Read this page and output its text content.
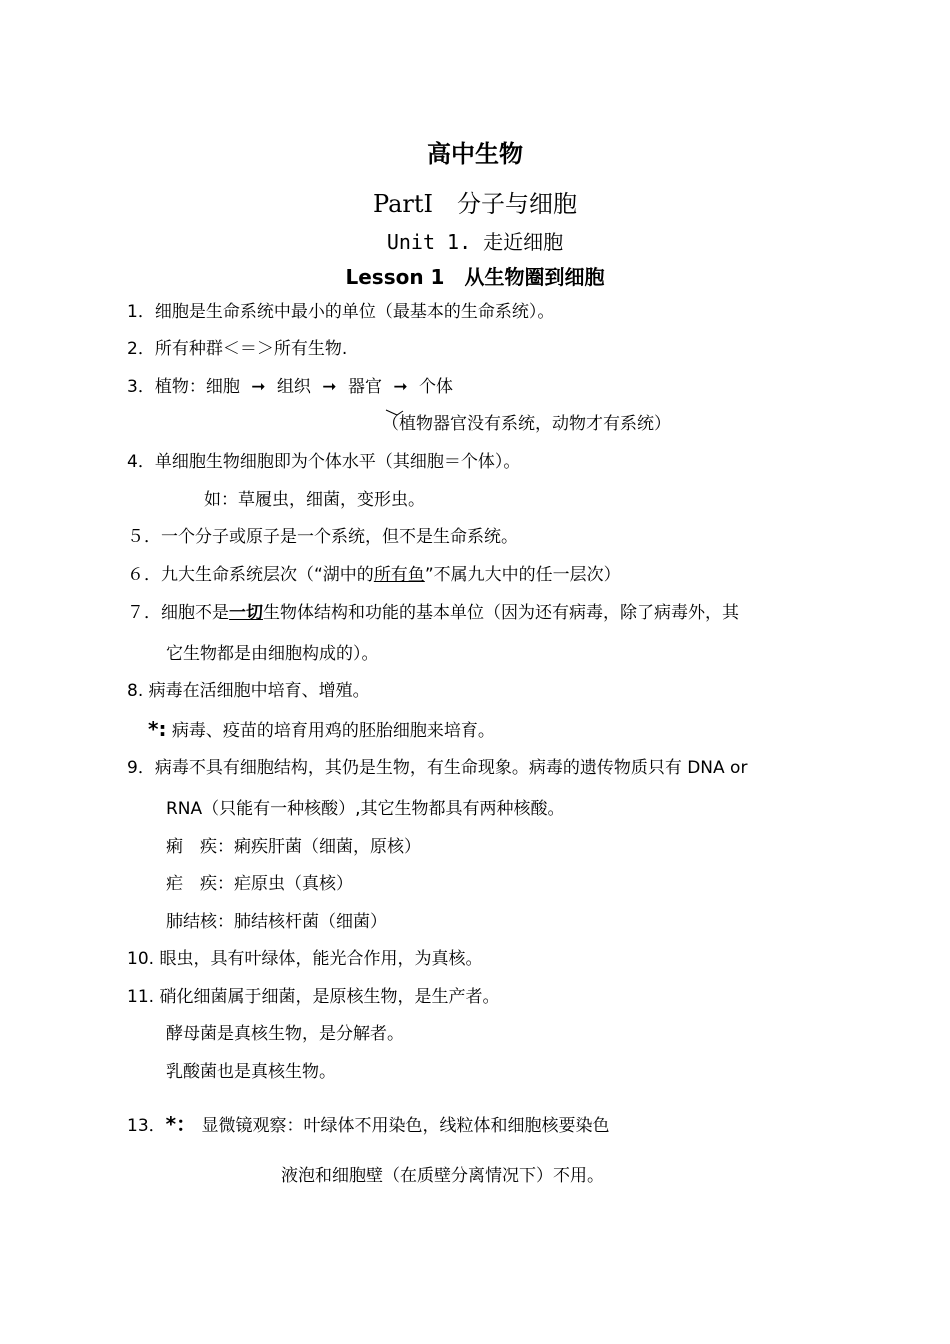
高中生物
PartⅠ　分子与细胞
Unit 1. 走近细胞
Lesson 1　从生物圈到细胞
1．细胞是生命系统中最小的单位（最基本的生命系统）。
2．所有种群＜＝＞所有生物.
3．植物：细胞 ➞ 组织 ➞ 器官 ➞ 个体
（植物器官没有系统，动物才有系统）
4．单细胞生物细胞即为个体水平（其细胞＝个体）。
如：草履虫，细菌，变形虫。
５．一个分子或原子是一个系统，但不是生命系统。
６．九大生命系统层次（“湖中的所有鱼”不属九大中的任一层次）
７．细胞不是一切生物体结构和功能的基本单位（因为还有病毒，除了病毒外，其
它生物都是由细胞构成的）。
8. 病毒在活细胞中培育、增殖。
*: 病毒、疫苗的培育用鸡的胚胎细胞来培育。
9．病毒不具有细胞结构，其仍是生物，有生命现象。病毒的遗传物质只有 DNA or
RNA（只能有一种核酸）,其它生物都具有两种核酸。
痢　疾：痢疾肝菌（细菌，原核）
疟　疾：疟原虫（真核）
肺结核：肺结核杆菌（细菌）
10. 眼虫，具有叶绿体，能光合作用，为真核。
11. 硝化细菌属于细菌，是原核生物，是生产者。
酵母菌是真核生物，是分解者。
乳酸菌也是真核生物。
13．*： 显微镜观察：叶绿体不用染色，线粒体和细胞核要染色
液泡和细胞壁（在质壁分离情况下）不用。
